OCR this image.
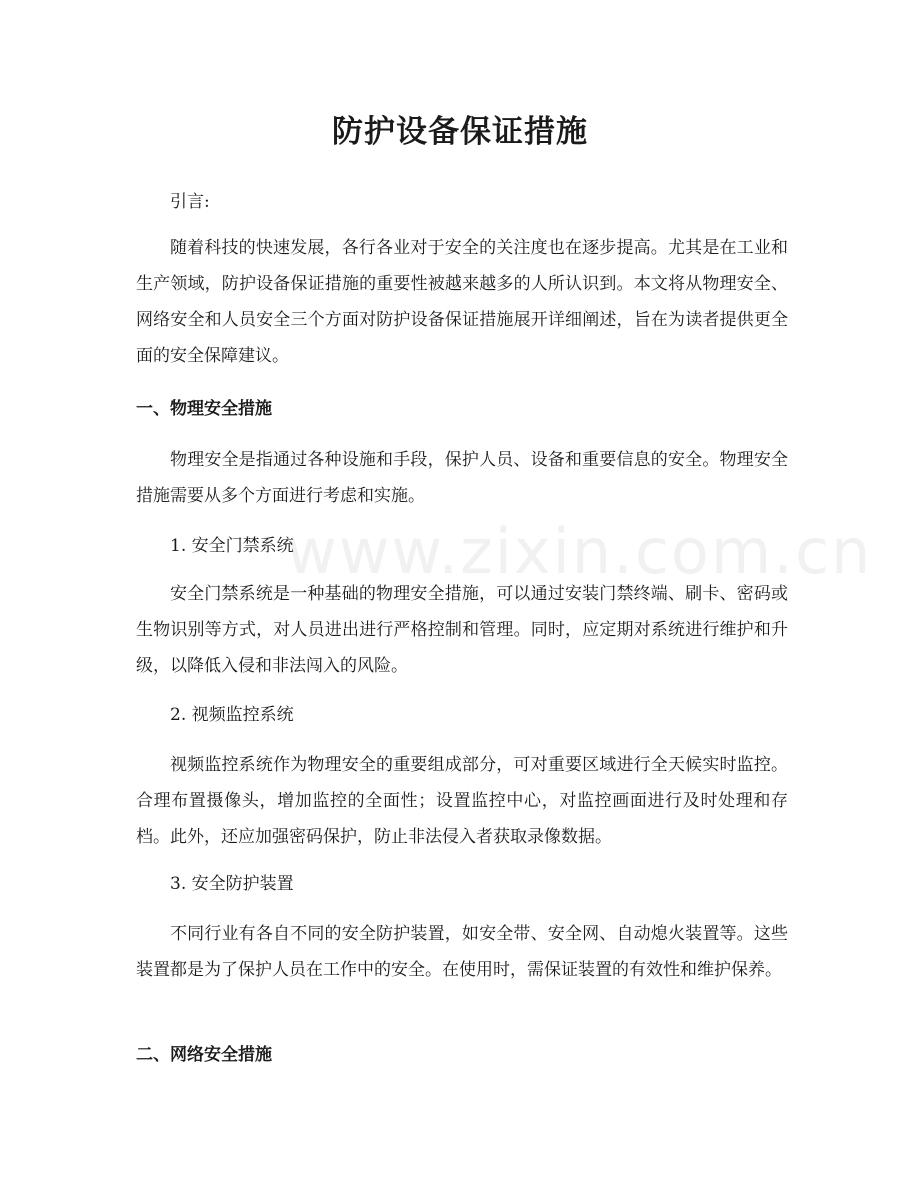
www.zixin.com.cn
防护设备保证措施

引言:

随着科技的快速发展，各行各业对于安全的关注度也在逐步提高。尤其是在工业和生产领域，防护设备保证措施的重要性被越来越多的人所认识到。本文将从物理安全、网络安全和人员安全三个方面对防护设备保证措施展开详细阐述，旨在为读者提供更全面的安全保障建议。

一、物理安全措施

物理安全是指通过各种设施和手段，保护人员、设备和重要信息的安全。物理安全措施需要从多个方面进行考虑和实施。

1. 安全门禁系统

安全门禁系统是一种基础的物理安全措施，可以通过安装门禁终端、刷卡、密码或生物识别等方式，对人员进出进行严格控制和管理。同时，应定期对系统进行维护和升级，以降低入侵和非法闯入的风险。

2. 视频监控系统

视频监控系统作为物理安全的重要组成部分，可对重要区域进行全天候实时监控。合理布置摄像头，增加监控的全面性；设置监控中心，对监控画面进行及时处理和存档。此外，还应加强密码保护，防止非法侵入者获取录像数据。

3. 安全防护装置

不同行业有各自不同的安全防护装置，如安全带、安全网、自动熄火装置等。这些装置都是为了保护人员在工作中的安全。在使用时，需保证装置的有效性和维护保养。

二、网络安全措施
